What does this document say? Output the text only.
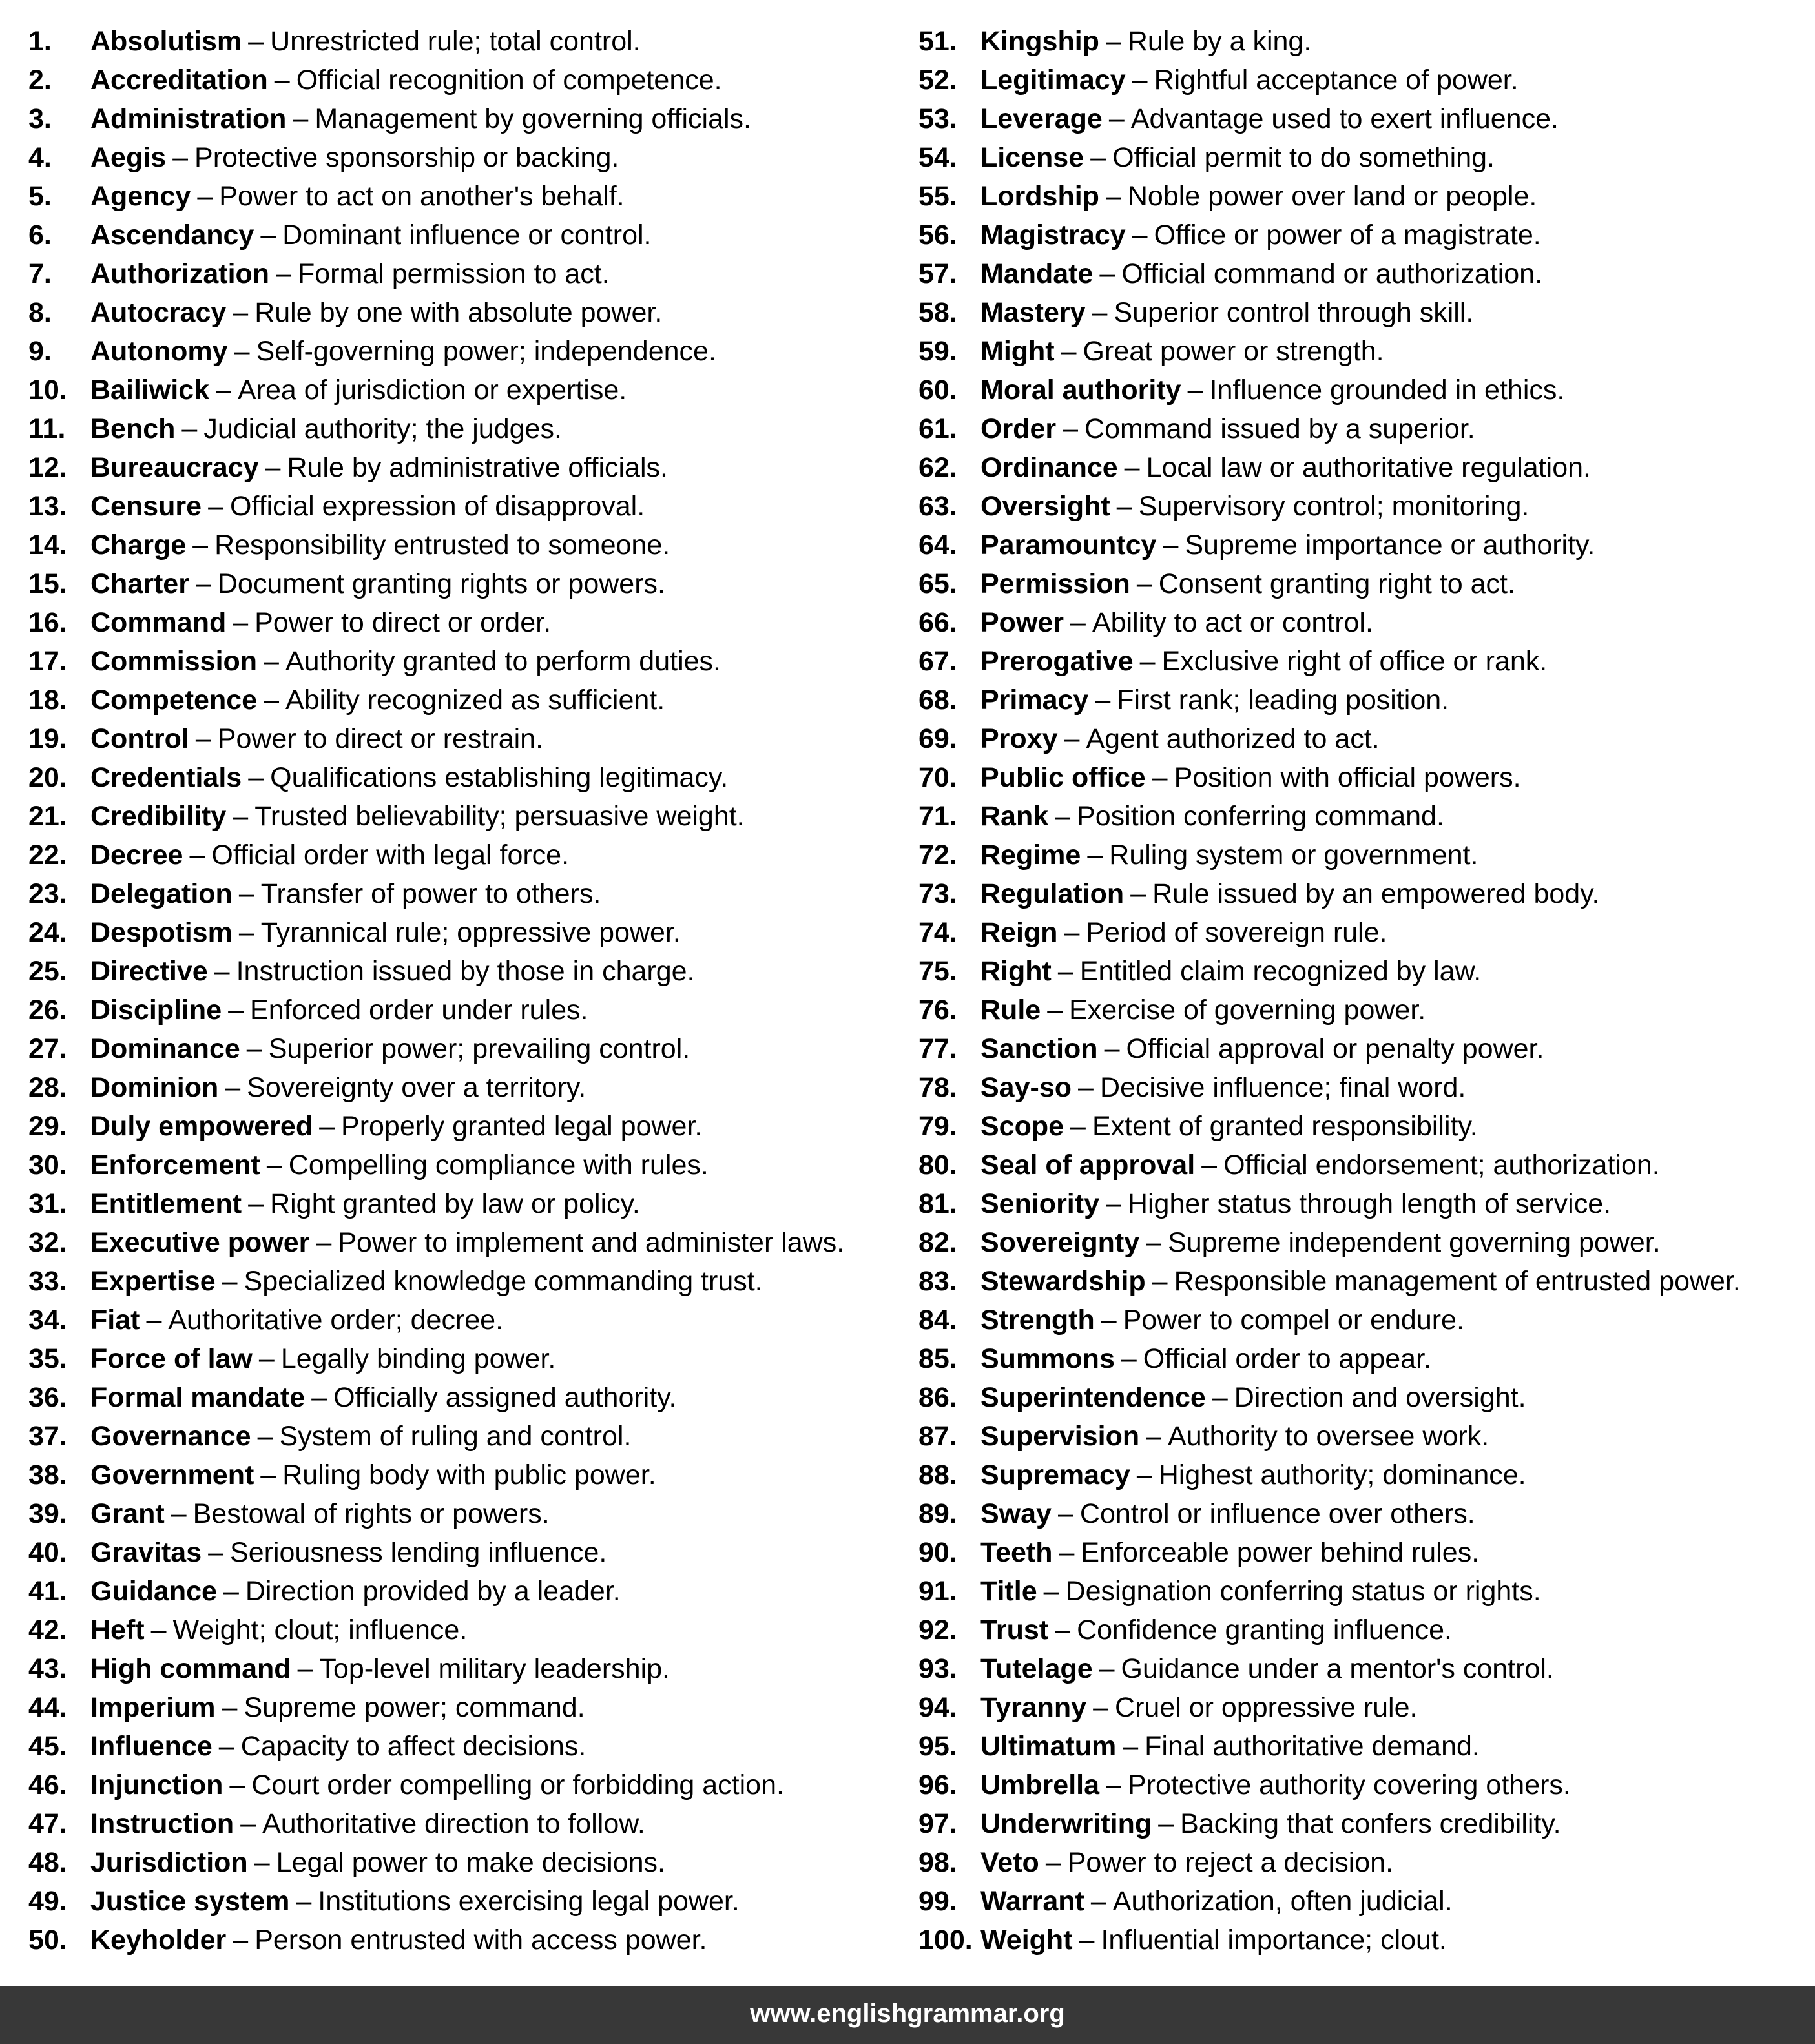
1.	Absolutism – Unrestricted rule; total control.
2.	Accreditation – Official recognition of competence.
3.	Administration – Management by governing officials.
4.	Aegis – Protective sponsorship or backing.
5.	Agency – Power to act on another's behalf.
6.	Ascendancy – Dominant influence or control.
7.	Authorization – Formal permission to act.
8.	Autocracy – Rule by one with absolute power.
9.	Autonomy – Self-governing power; independence.
10. Bailiwick – Area of jurisdiction or expertise.
11. Bench – Judicial authority; the judges.
12. Bureaucracy – Rule by administrative officials.
13. Censure – Official expression of disapproval.
14. Charge – Responsibility entrusted to someone.
15. Charter – Document granting rights or powers.
16. Command – Power to direct or order.
17. Commission – Authority granted to perform duties.
18. Competence – Ability recognized as sufficient.
19. Control – Power to direct or restrain.
20. Credentials – Qualifications establishing legitimacy.
21. Credibility – Trusted believability; persuasive weight.
22. Decree – Official order with legal force.
23. Delegation – Transfer of power to others.
24. Despotism – Tyrannical rule; oppressive power.
25. Directive – Instruction issued by those in charge.
26. Discipline – Enforced order under rules.
27. Dominance – Superior power; prevailing control.
28. Dominion – Sovereignty over a territory.
29. Duly empowered – Properly granted legal power.
30. Enforcement – Compelling compliance with rules.
31. Entitlement – Right granted by law or policy.
32. Executive power – Power to implement and administer laws.
33. Expertise – Specialized knowledge commanding trust.
34. Fiat – Authoritative order; decree.
35. Force of law – Legally binding power.
36. Formal mandate – Officially assigned authority.
37. Governance – System of ruling and control.
38. Government – Ruling body with public power.
39. Grant – Bestowal of rights or powers.
40. Gravitas – Seriousness lending influence.
41. Guidance – Direction provided by a leader.
42. Heft – Weight; clout; influence.
43. High command – Top-level military leadership.
44. Imperium – Supreme power; command.
45. Influence – Capacity to affect decisions.
46. Injunction – Court order compelling or forbidding action.
47. Instruction – Authoritative direction to follow.
48. Jurisdiction – Legal power to make decisions.
49. Justice system – Institutions exercising legal power.
50. Keyholder – Person entrusted with access power.
51. Kingship – Rule by a king.
52. Legitimacy – Rightful acceptance of power.
53. Leverage – Advantage used to exert influence.
54. License – Official permit to do something.
55. Lordship – Noble power over land or people.
56. Magistracy – Office or power of a magistrate.
57. Mandate – Official command or authorization.
58. Mastery – Superior control through skill.
59. Might – Great power or strength.
60. Moral authority – Influence grounded in ethics.
61. Order – Command issued by a superior.
62. Ordinance – Local law or authoritative regulation.
63. Oversight – Supervisory control; monitoring.
64. Paramountcy – Supreme importance or authority.
65. Permission – Consent granting right to act.
66. Power – Ability to act or control.
67. Prerogative – Exclusive right of office or rank.
68. Primacy – First rank; leading position.
69. Proxy – Agent authorized to act.
70. Public office – Position with official powers.
71. Rank – Position conferring command.
72. Regime – Ruling system or government.
73. Regulation – Rule issued by an empowered body.
74. Reign – Period of sovereign rule.
75. Right – Entitled claim recognized by law.
76. Rule – Exercise of governing power.
77. Sanction – Official approval or penalty power.
78. Say-so – Decisive influence; final word.
79. Scope – Extent of granted responsibility.
80. Seal of approval – Official endorsement; authorization.
81. Seniority – Higher status through length of service.
82. Sovereignty – Supreme independent governing power.
83. Stewardship – Responsible management of entrusted power.
84. Strength – Power to compel or endure.
85. Summons – Official order to appear.
86. Superintendence – Direction and oversight.
87. Supervision – Authority to oversee work.
88. Supremacy – Highest authority; dominance.
89. Sway – Control or influence over others.
90. Teeth – Enforceable power behind rules.
91. Title – Designation conferring status or rights.
92. Trust – Confidence granting influence.
93. Tutelage – Guidance under a mentor's control.
94. Tyranny – Cruel or oppressive rule.
95. Ultimatum – Final authoritative demand.
96. Umbrella – Protective authority covering others.
97. Underwriting – Backing that confers credibility.
98. Veto – Power to reject a decision.
99. Warrant – Authorization, often judicial.
100. Weight – Influential importance; clout.
www.englishgrammar.org
